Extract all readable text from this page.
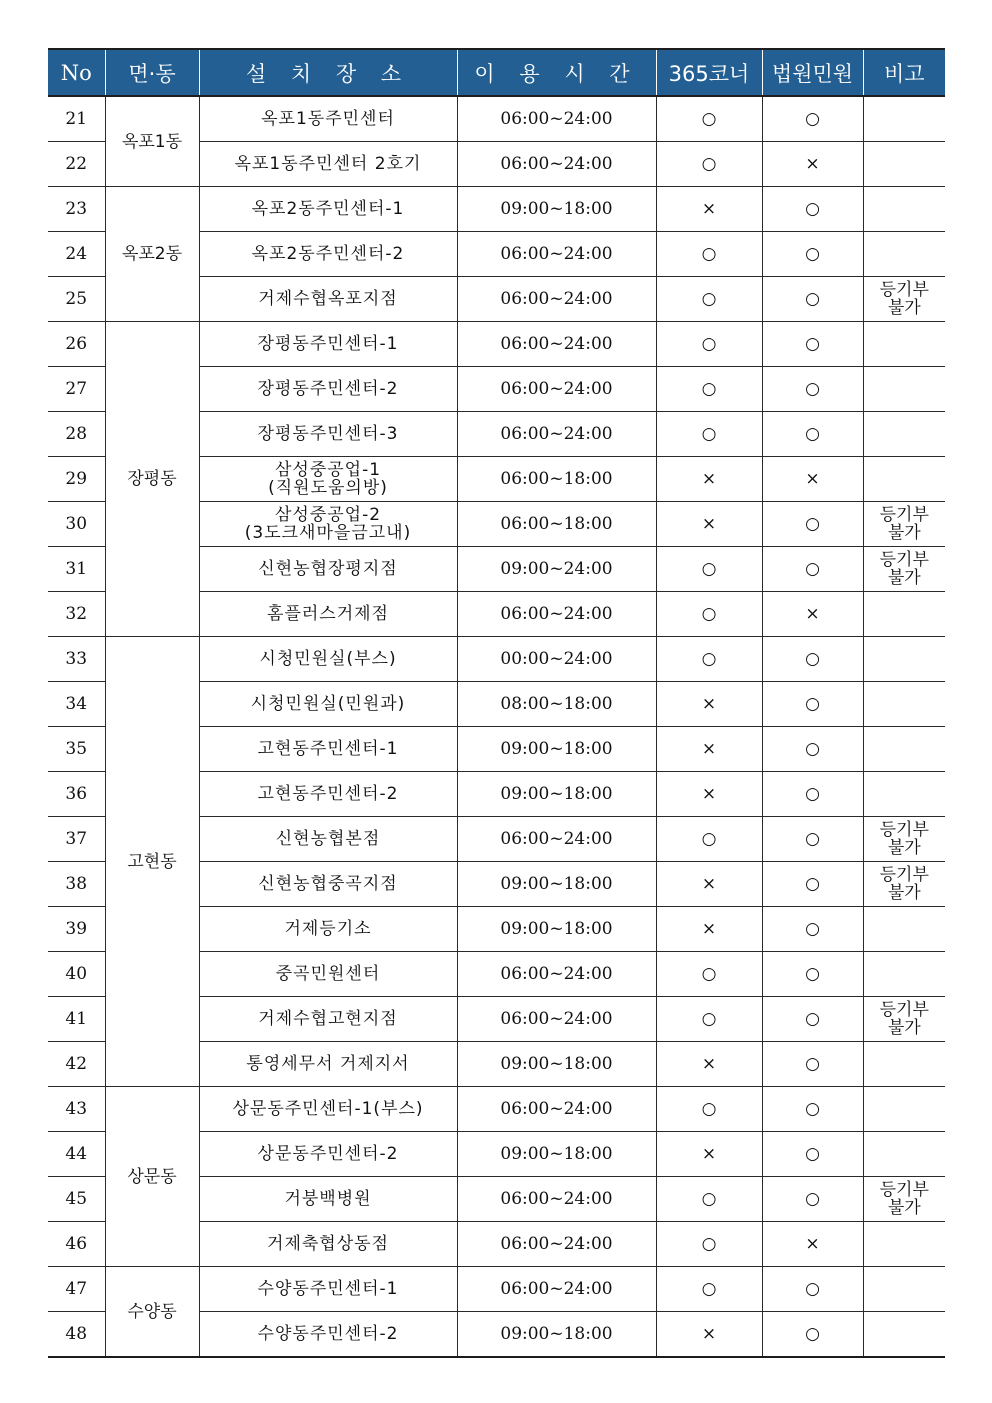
No	면·동	설 치 장 소	이 용 시 간	365코너	법원민원	비고
21	옥포1동	옥포1동주민센터	06:00~24:00	○	○	
22		옥포1동주민센터 2호기	06:00~24:00	○	×	
23	옥포2동	옥포2동주민센터-1	09:00~18:00	×	○	
24		옥포2동주민센터-2	06:00~24:00	○	○	
25		거제수협옥포지점	06:00~24:00	○	○	등기부
불가

26	장평동	장평동주민센터-1	06:00~24:00	○	○	
27		장평동주민센터-2	06:00~24:00	○	○	
28		장평동주민센터-3	06:00~24:00	○	○	
29		삼성중공업-1
(직원도움의방)	06:00~18:00	×	×	
30		삼성중공업-2
(3도크새마을금고내)	06:00~18:00	×	○	등기부
불가

31		신현농협장평지점	09:00~24:00	○	○	등기부
불가

32		홈플러스거제점	06:00~24:00	○	×	
33	고현동	시청민원실(부스)	00:00~24:00	○	○	
34		시청민원실(민원과)	08:00~18:00	×	○	
35		고현동주민센터-1	09:00~18:00	×	○	
36		고현동주민센터-2	09:00~18:00	×	○	
37		신현농협본점	06:00~24:00	○	○	등기부
불가

38		신현농협중곡지점	09:00~18:00	×	○	등기부
불가

39		거제등기소	09:00~18:00	×	○	
40		중곡민원센터	06:00~24:00	○	○	
41		거제수협고현지점	06:00~24:00	○	○	등기부
불가

42		통영세무서 거제지서	09:00~18:00	×	○	
43	상문동	상문동주민센터-1(부스)	06:00~24:00	○	○	
44		상문동주민센터-2	09:00~18:00	×	○	
45		거붕백병원	06:00~24:00	○	○	등기부
불가

46		거제축협상동점	06:00~24:00	○	×	
47	수양동	수양동주민센터-1	06:00~24:00	○	○	
48		수양동주민센터-2	09:00~18:00	×	○	
